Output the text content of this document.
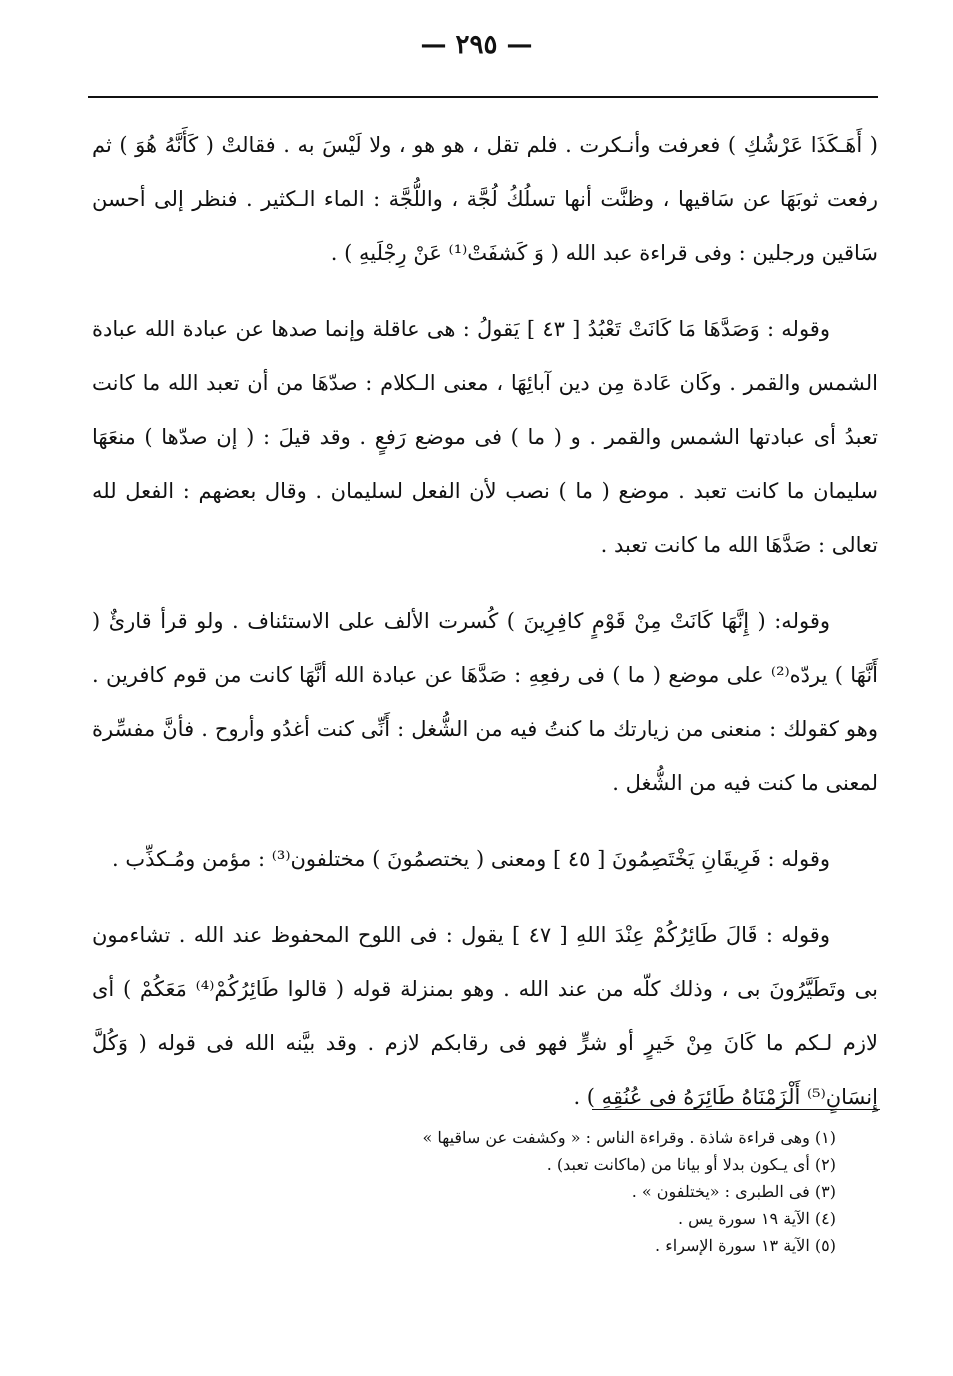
— ٢٩٥ —

( أَهَـكَذَا عَرْشُكِ ) فعرفت وأنـكرت . فلم تقل ، هو هو ، ولا لَيْسَ به . فقالتْ ( كَأَنَّهُ هُوَ ) ثم رفعت ثوبَهَا عن سَاقيها ، وظنَّت أنها تسلُكُ لُجَّة ، واللُّجَّة : الماء الـكثير . فنظر إلى أحسن سَاقين ورجلين : وفى قراءة عبد الله ( وَ كَشفَتْ⁽¹⁾ عَنْ رِجْلَيهِ ) .

وقوله : وَصَدَّهَا مَا كَانَتْ تَعْبُدُ [ ٤٣ ] يَقولُ : هى عاقلة وإنما صدها عن عبادة الله عبادة الشمس والقمر . وكَان عَادة مِن دين آبائِهَا ، معنى الـكلام : صدّهَا من أن تعبد الله ما كانت تعبدُ أى عبادتها الشمس والقمر . و ( ما ) فى موضع رَفعٍ . وقد قيلَ : ( إن صدّها ) منعَهَا سليمان ما كانت تعبد . موضع ( ما ) نصب لأن الفعل لسليمان . وقال بعضهم : الفعل لله تعالى : صَدَّهَا الله ما كانت تعبد .

وقوله: ( إِنَّهَا كَانَتْ مِنْ قَوْمٍ كافِرِينَ ) كُسرت الألف على الاستئناف . ولو قرأ قارئٌ ( أَنَّهَا ) يردّه⁽²⁾ على موضع ( ما ) فى رفعِهِ : صَدَّهَا عن عبادة الله أنَّهَا كانت من قوم كافرين . وهو كقولك : منعنى من زيارتك ما كنتُ فيه من الشُّغل : أَنِّى كنت أغدُو وأروح . فأنَّ مفسِّرة لمعنى ما كنت فيه من الشُّغل .

وقوله : فَرِيقَانِ يَخْتَصِمُونَ [ ٤٥ ] ومعنى ( يختصمُونَ ) مختلفون⁽³⁾ : مؤمن ومُـكذِّب .

وقوله : قَالَ طَائِرُكُمْ عِنْدَ اللهِ [ ٤٧ ] يقول : فى اللوح المحفوظ عند الله . تشاءمون بى وتَطَيَّرُونَ بى ، وذلك كلّه من عند الله . وهو بمنزلة قوله ( قالوا طَائِرُكُمْ⁽⁴⁾ مَعَكُمْ ) أى لازم لـكم ما كَانَ مِنْ خَيرٍ أو شرٍّ فهو فى رقابكم لازم . وقد بيَّنه الله فى قوله ( وَكُلَّ إِنسَانٍ⁽⁵⁾ أَلْزَمْنَاهُ طَائِرَهُ فى عُنُقِهِ ) .

(١) وهى قراءة شاذة . وقراءة الناس : « وكشفت عن ساقيها »

(٢) أى يـكون بدلا أو بيانا من (ماكانت تعبد) .

(٣) فى الطبرى : «يختلفون » .

(٤) الآية ١٩ سورة يس .

(٥) الآية ١٣ سورة الإسراء .
